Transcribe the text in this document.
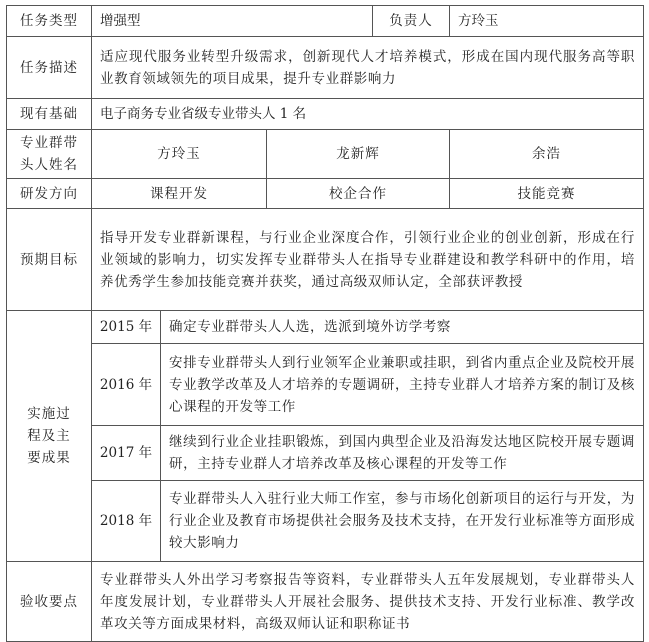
任务类型	增强型			负责人	方玲玉
任务描述	适应现代服务业转型升级需求，创新现代人才培养模式，形成在国内现代服务高等职业教育领域领先的项目成果，提升专业群影响力				
现有基础	电子商务专业省级专业带头人 1 名				
专业群带头人姓名	方玲玉		龙新辉		余浩
研发方向	课程开发		校企合作		技能竞赛
预期目标	指导开发专业群新课程，与行业企业深度合作，引领行业企业的创业创新，形成在行业领域的影响力，切实发挥专业群带头人在指导专业群建设和教学科研中的作用，培养优秀学生参加技能竞赛并获奖，通过高级双师认定，全部获评教授				
实施过程及主要成果	2015 年	确定专业群带头人人选，选派到境外访学考察			
	2016 年	安排专业群带头人到行业领军企业兼职或挂职，到省内重点企业及院校开展专业教学改革及人才培养的专题调研，主持专业群人才培养方案的制订及核心课程的开发等工作			
	2017 年	继续到行业企业挂职锻炼，到国内典型企业及沿海发达地区院校开展专题调研，主持专业群人才培养改革及核心课程的开发等工作			
	2018 年	专业群带头人入驻行业大师工作室，参与市场化创新项目的运行与开发，为行业企业及教育市场提供社会服务及技术支持，在开发行业标准等方面形成较大影响力			
验收要点	专业群带头人外出学习考察报告等资料，专业群带头人五年发展规划，专业群带头人年度发展计划，专业群带头人开展社会服务、提供技术支持、开发行业标准、教学改革攻关等方面成果材料，高级双师认证和职称证书				
